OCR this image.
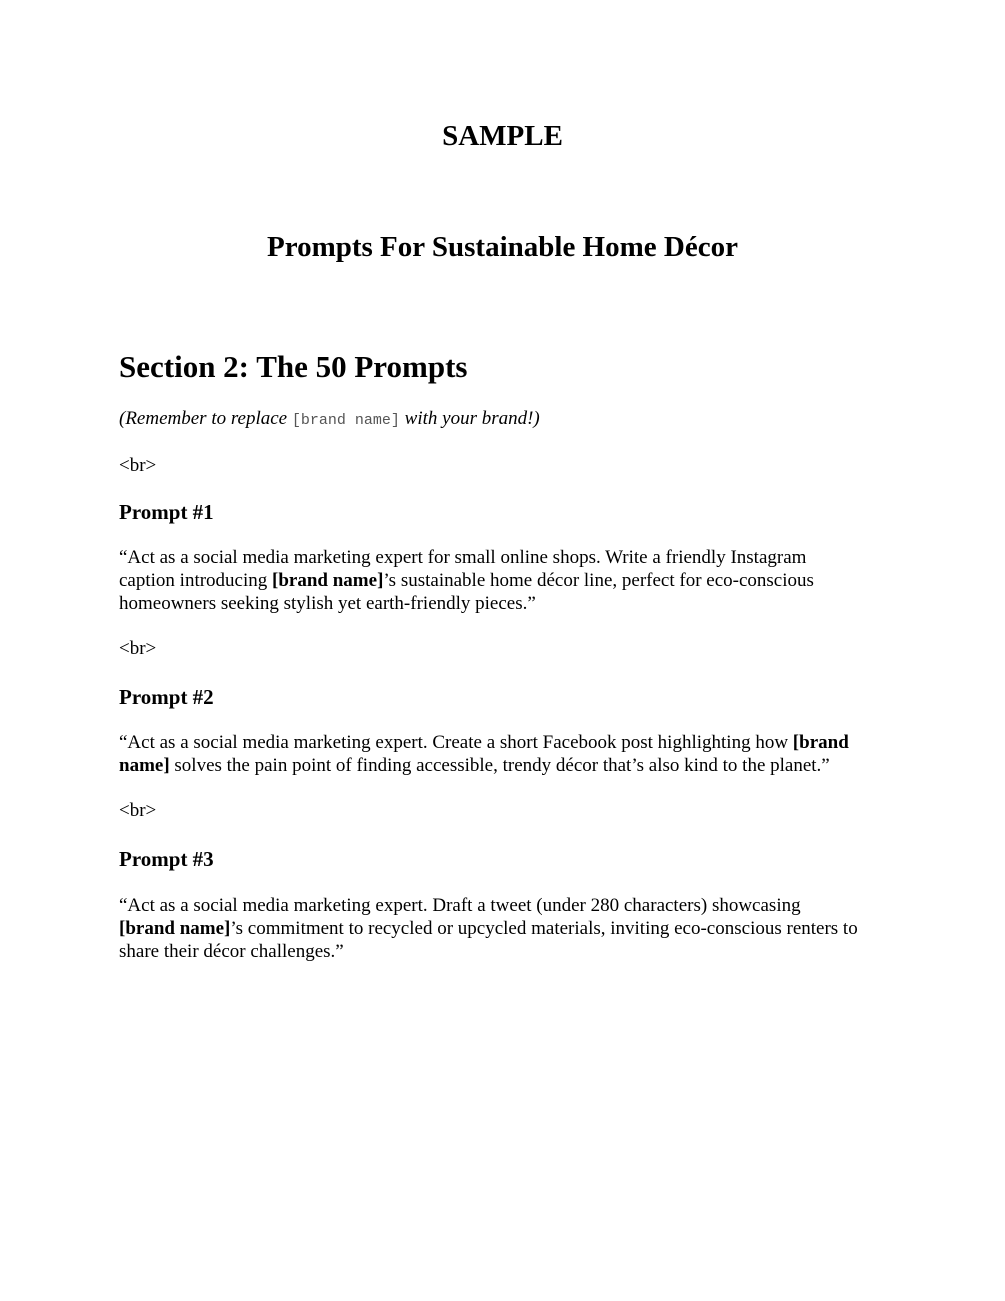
SAMPLE
Prompts For Sustainable Home Décor
Section 2: The 50 Prompts
(Remember to replace [brand name] with your brand!)
<br>
Prompt #1
“Act as a social media marketing expert for small online shops. Write a friendly Instagram
caption introducing [brand name]’s sustainable home décor line, perfect for eco-conscious
homeowners seeking stylish yet earth-friendly pieces.”
<br>
Prompt #2
“Act as a social media marketing expert. Create a short Facebook post highlighting how [brand
name] solves the pain point of finding accessible, trendy décor that’s also kind to the planet.”
<br>
Prompt #3
“Act as a social media marketing expert. Draft a tweet (under 280 characters) showcasing
[brand name]’s commitment to recycled or upcycled materials, inviting eco-conscious renters to
share their décor challenges.”
